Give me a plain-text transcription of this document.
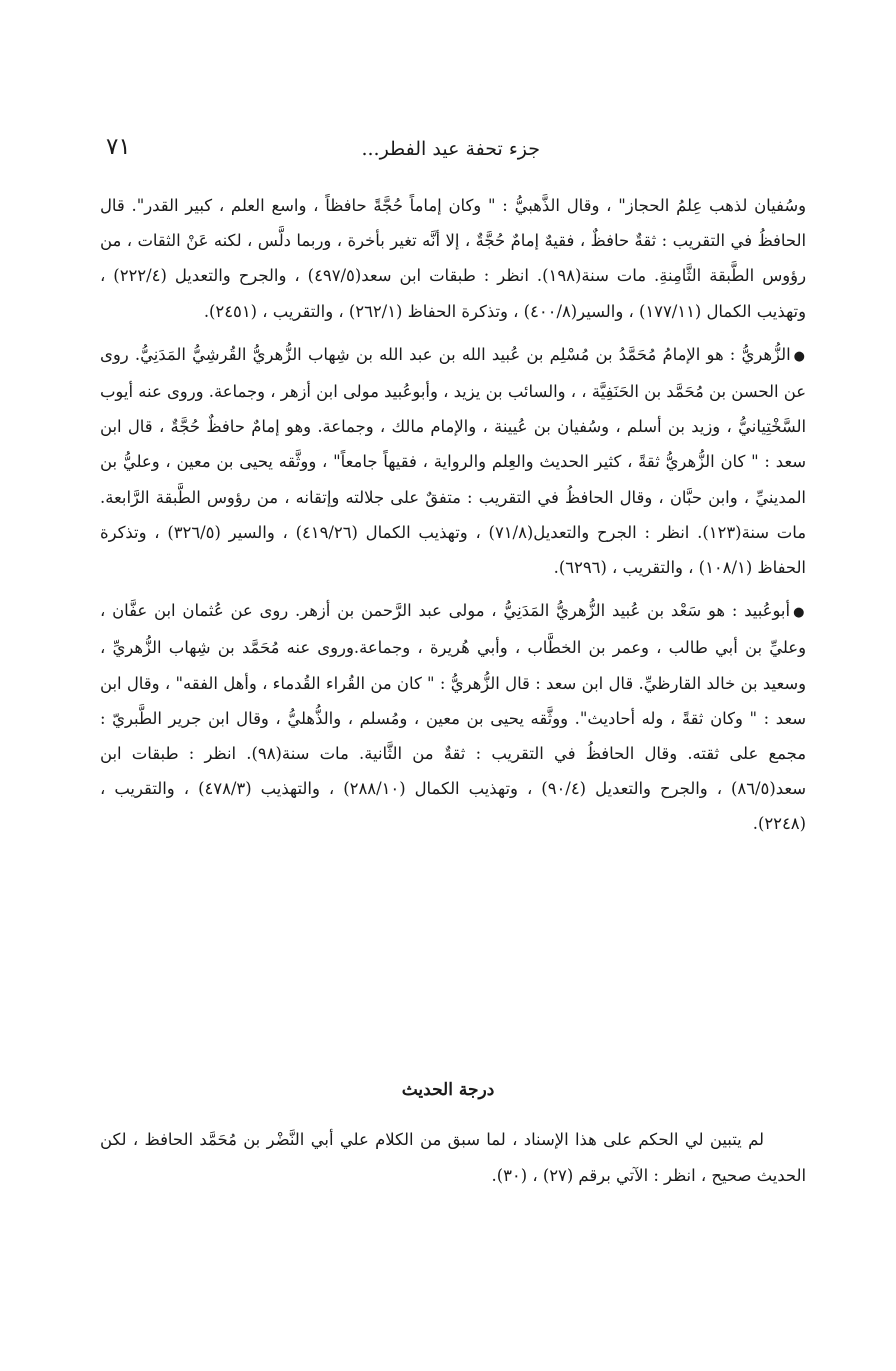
٧١	جزء تحفة عيد الفطر...

وسُفيان لذهب عِلمُ الحجاز" ، وقال الذَّهبيُّ : " وكان إماماً حُجَّةً حافظاً ، واسع العلم ، كبير القدر". قال الحافظُ في التقريب : ثقةٌ حافظٌ ، فقيهٌ إمامٌ حُجَّةٌ ، إلا أنَّه تغير بأخرة ، وربما دلَّس ، لكنه عَنْ الثقات ، من رؤوس الطَّبقة الثَّامِنةِ. مات سنة(١٩٨). انظر : طبقات ابن سعد(٤٩٧/٥) ، والجرح والتعديل (٢٢٢/٤) ، وتهذيب الكمال (١٧٧/١١) ، والسير(٤٠٠/٨) ، وتذكرة الحفاظ (٢٦٢/١) ، والتقريب ، (٢٤٥١).

●الزُّهريُّ : هو الإمامُ مُحَمَّدُ بن مُسْلِم بن عُبيد الله بن عبد الله بن شِهاب الزُّهريُّ القُرشِيُّ المَدَنِيُّ. روى عن الحسن بن مُحَمَّد بن الحَنَفِيَّة ، ، والسائب بن يزيد ، وأبوعُبيد مولى ابن أزهر ، وجماعة. وروى عنه أيوب السَّخْتِيانيُّ ، وزيد بن أسلم ، وسُفيان بن عُيينة ، والإمام مالك ، وجماعة. وهو إمامٌ حافظٌ حُجَّةٌ ، قال ابن سعد : " كان الزُّهريُّ ثقةً ، كثير الحديث والعِلم والرواية ، فقيهاً جامعاً" ، ووثَّقه يحيى بن معين ، وعليُّ بن المدينيِّ ، وابن حبَّان ، وقال الحافظُ في التقريب : متفقٌ على جلالته وإتقانه ، من رؤوس الطَّبقة الرَّابعة. مات سنة(١٢٣). انظر : الجرح والتعديل(٧١/٨) ، وتهذيب الكمال (٤١٩/٢٦) ، والسير (٣٢٦/٥) ، وتذكرة الحفاظ (١٠٨/١) ، والتقريب ، (٦٢٩٦).

●أبوعُبيد : هو سَعْد بن عُبيد الزُّهريُّ المَدَنِيُّ ، مولى عبد الرَّحمن بن أزهر. روى عن عُثمان ابن عفَّان ، وعليِّ بن أبي طالب ، وعمر بن الخطَّاب ، وأبي هُريرة ، وجماعة.وروى عنه مُحَمَّد بن شِهاب الزُّهريِّ ، وسعيد بن خالد القارظيِّ. قال ابن سعد : قال الزُّهريُّ : " كان من القُراء القُدماء ، وأهل الفقه" ، وقال ابن سعد : " وكان ثقةً ، وله أحاديث". ووثَّقه يحيى بن معين ، ومُسلم ، والذُّهليُّ ، وقال ابن جرير الطَّبريّ : مجمع على ثقته. وقال الحافظُ في التقريب : ثقةٌ من الثَّانية. مات سنة(٩٨). انظر : طبقات ابن سعد(٨٦/٥) ، والجرح والتعديل (٩٠/٤) ، وتهذيب الكمال (٢٨٨/١٠) ، والتهذيب (٤٧٨/٣) ، والتقريب ، (٢٢٤٨).

درجة الحديث

لم يتبين لي الحكم على هذا الإسناد ، لما سبق من الكلام علي أبي النَّضْر بن مُحَمَّد الحافظ ، لكن الحديث صحيح ، انظر : الآتي برقم (٢٧) ، (٣٠).
